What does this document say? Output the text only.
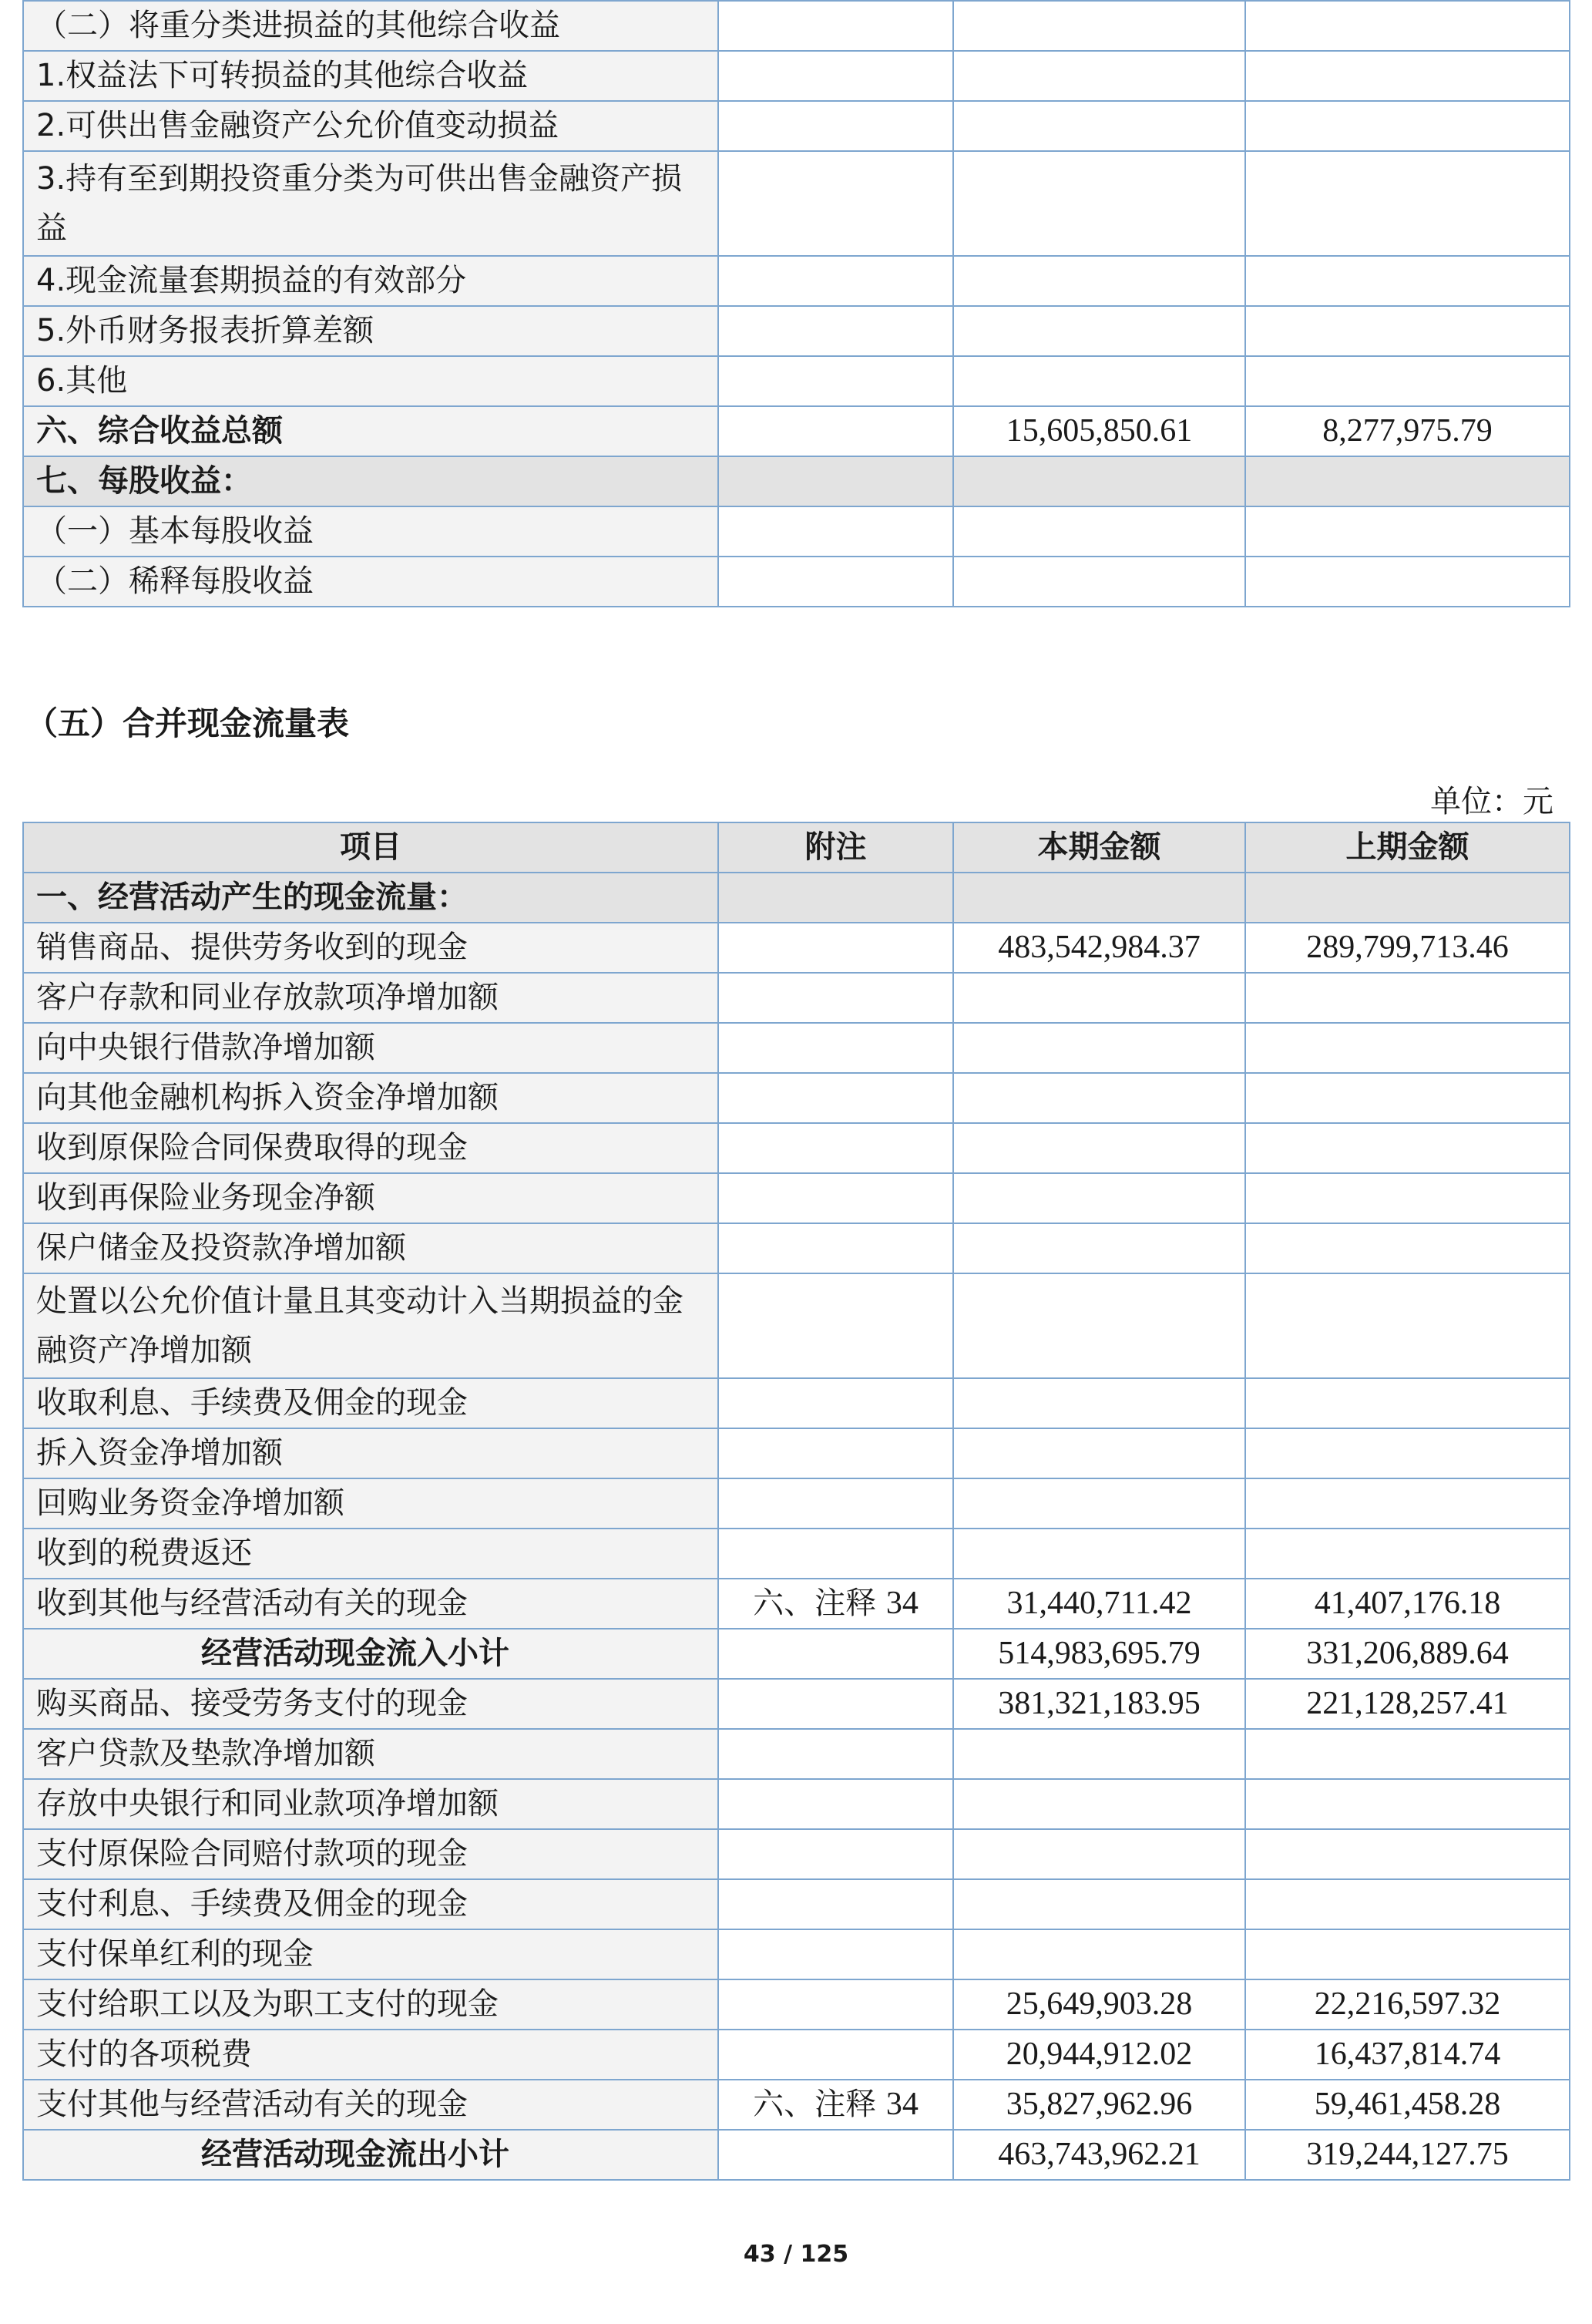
（二）将重分类进损益的其他综合收益			
1.权益法下可转损益的其他综合收益			
2.可供出售金融资产公允价值变动损益			
3.持有至到期投资重分类为可供出售金融资产损益			
4.现金流量套期损益的有效部分			
5.外币财务报表折算差额			
6.其他			
六、综合收益总额		15,605,850.61	8,277,975.79
七、每股收益：			
（一）基本每股收益			
（二）稀释每股收益			
（五）合并现金流量表
单位：元
项目	附注	本期金额	上期金额
一、经营活动产生的现金流量：			
销售商品、提供劳务收到的现金		483,542,984.37	289,799,713.46
客户存款和同业存放款项净增加额			
向中央银行借款净增加额			
向其他金融机构拆入资金净增加额			
收到原保险合同保费取得的现金			
收到再保险业务现金净额			
保户储金及投资款净增加额			
处置以公允价值计量且其变动计入当期损益的金融资产净增加额			
收取利息、手续费及佣金的现金			
拆入资金净增加额			
回购业务资金净增加额			
收到的税费返还			
收到其他与经营活动有关的现金	六、注释 34	31,440,711.42	41,407,176.18
经营活动现金流入小计		514,983,695.79	331,206,889.64
购买商品、接受劳务支付的现金		381,321,183.95	221,128,257.41
客户贷款及垫款净增加额			
存放中央银行和同业款项净增加额			
支付原保险合同赔付款项的现金			
支付利息、手续费及佣金的现金			
支付保单红利的现金			
支付给职工以及为职工支付的现金		25,649,903.28	22,216,597.32
支付的各项税费		20,944,912.02	16,437,814.74
支付其他与经营活动有关的现金	六、注释 34	35,827,962.96	59,461,458.28
经营活动现金流出小计		463,743,962.21	319,244,127.75
43 / 125
